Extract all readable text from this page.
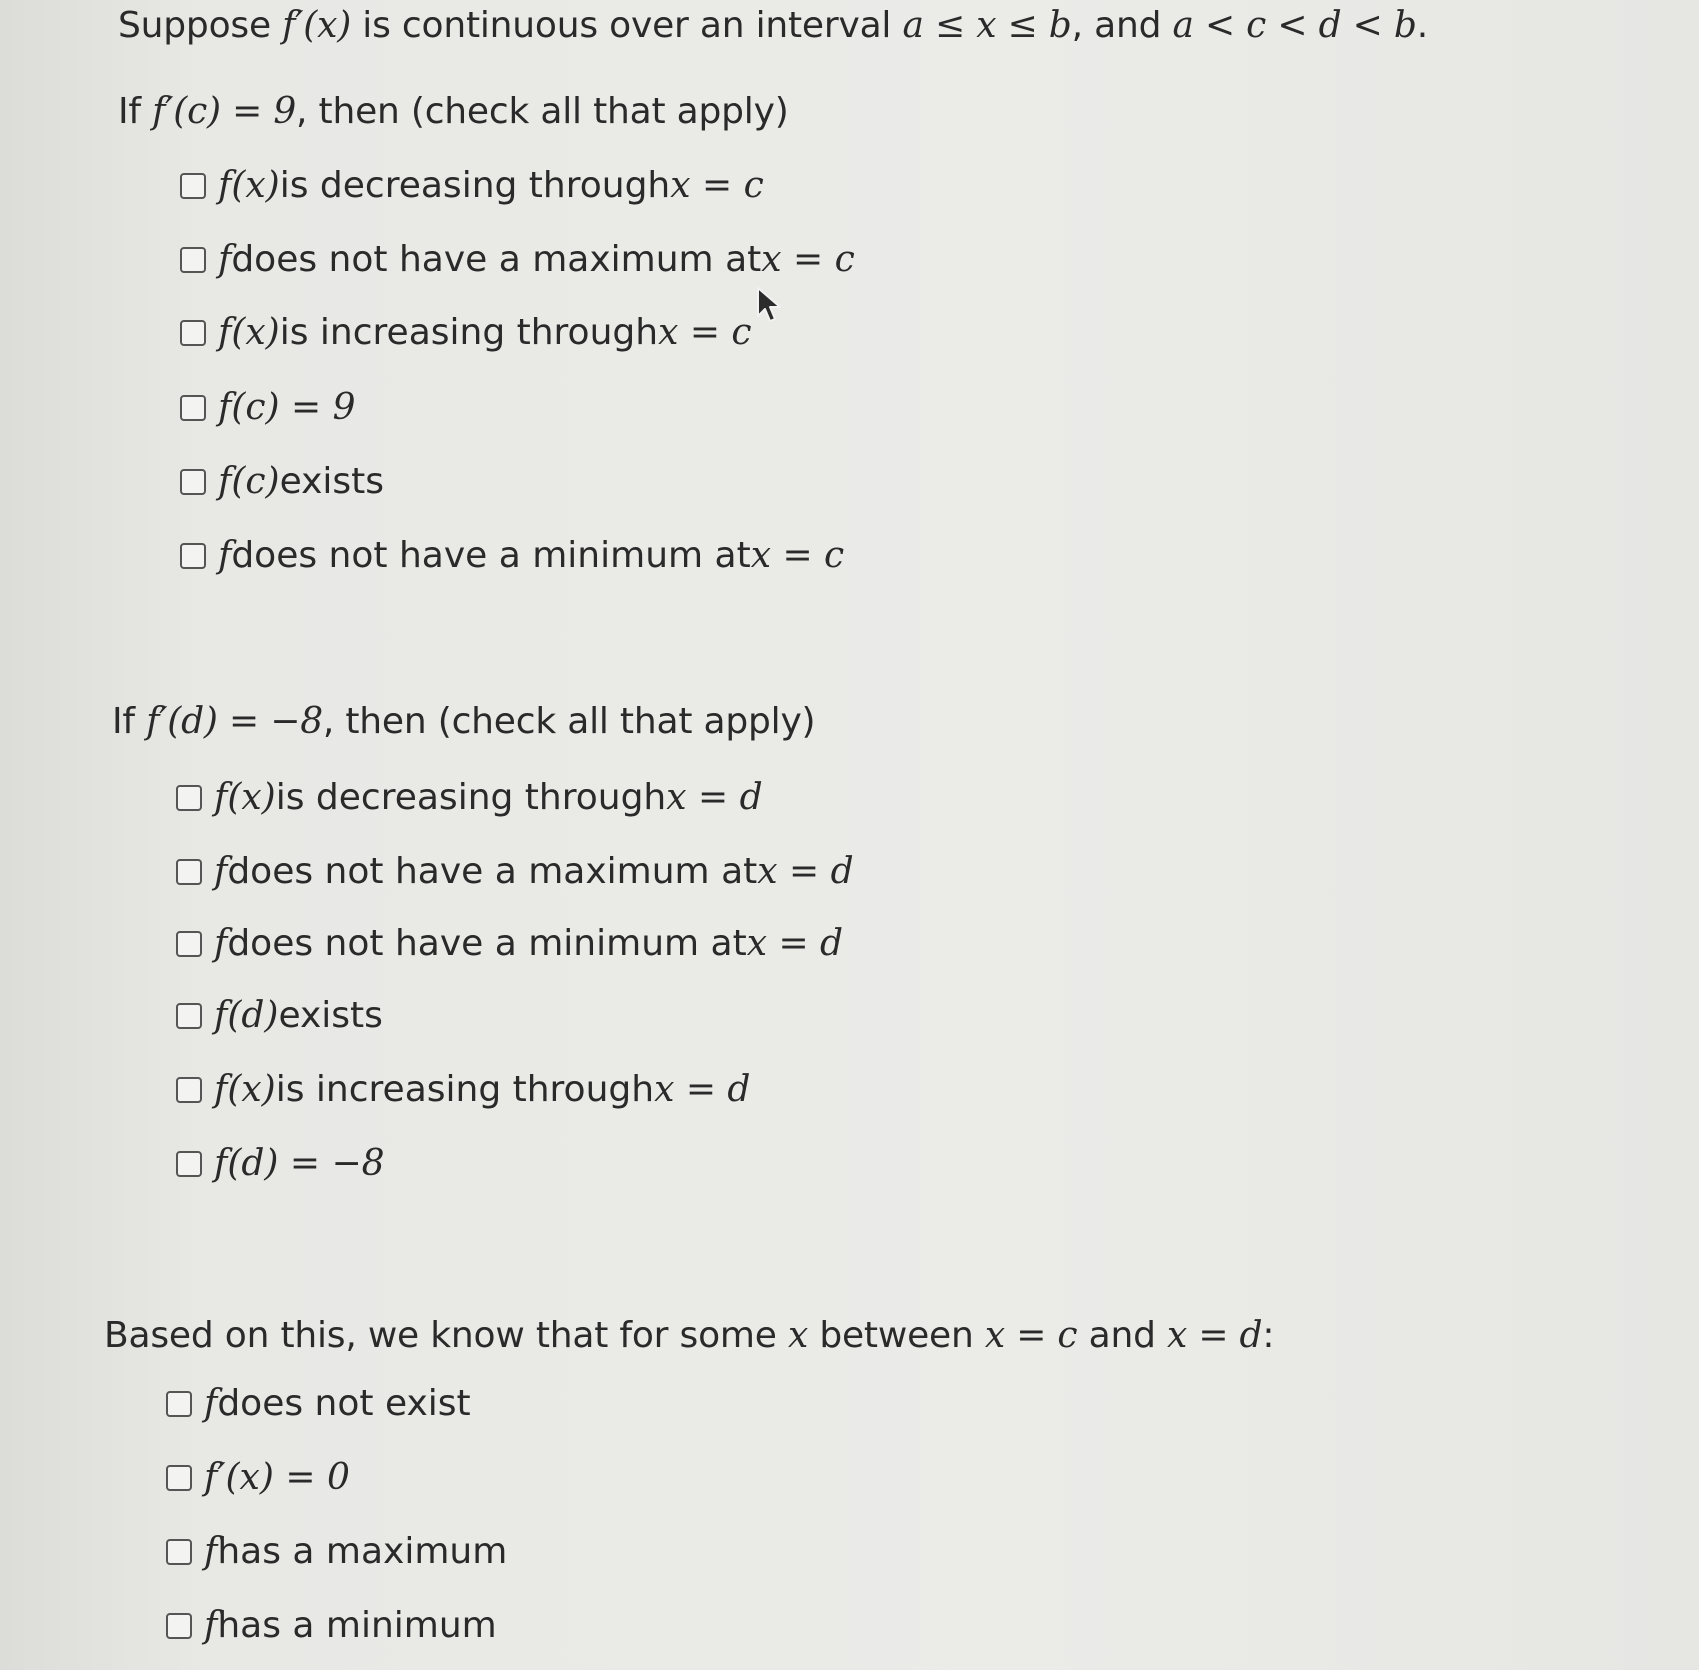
Suppose f′(x) is continuous over an interval a ≤ x ≤ b, and a < c < d < b.
If f′(c) = 9, then (check all that apply)
f(x) is decreasing through x = c
f does not have a maximum at x = c
f(x) is increasing through x = c
f(c) = 9
f(c) exists
f does not have a minimum at x = c
If f′(d) = −8, then (check all that apply)
f(x) is decreasing through x = d
f does not have a maximum at x = d
f does not have a minimum at x = d
f(d) exists
f(x) is increasing through x = d
f(d) = −8
Based on this, we know that for some x between x = c and x = d:
f does not exist
f′(x) = 0
f has a maximum
f has a minimum
